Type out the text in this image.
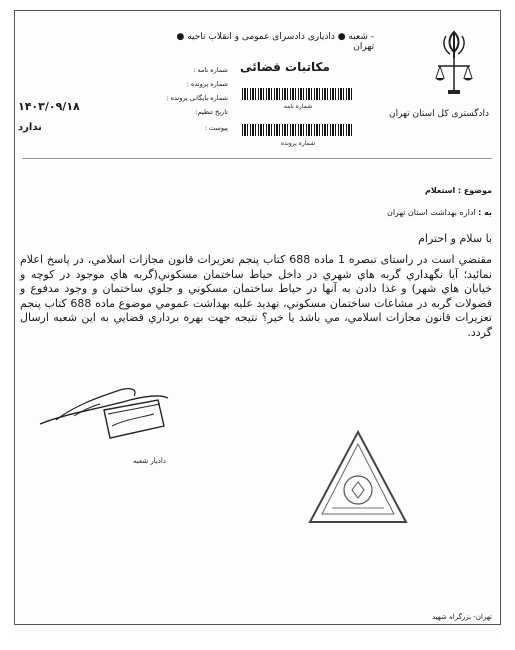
دادگستری کل استان تهران
- شعبه ● دادیاری دادسرای عمومی و انقلاب ناحیه ● تهران
مکاتبات قضائی
شماره نامه
شماره پرونده
شماره نامه :
شماره پرونده :
شماره بایگانی پرونده :
تاریخ تنظیم:
پیوست :
۱۴۰۳/۰۹/۱۸
ندارد
موضوع : استعلام
به : اداره بهداشت استان تهران
با سلام و احترام
مقتضي است در راستای تبصره 1 ماده 688 کتاب پنجم تعزیرات قانون مجازات اسلامي، در پاسخ اعلام نمائید؛ آیا نگهداري گربه هاي شهري در داخل حیاط ساختمان مسکوني(گربه هاي موجود در کوچه و خیابان هاي شهر) و غذا دادن به آنها در حیاط ساختمان مسکوني و جلوي ساختمان و وجود مدفوع و فضولات گربه در مشاعات ساختمان مسکوني، تهدید علیه بهداشت عمومي موضوع ماده 688 کتاب پنجم تعزیرات قانون مجازات اسلامي، مي باشد یا خیر؟ نتیجه جهت بهره برداري قضایي به این شعبه ارسال گردد.
دادیار شعبه
تهران- بزرگراه شهید
